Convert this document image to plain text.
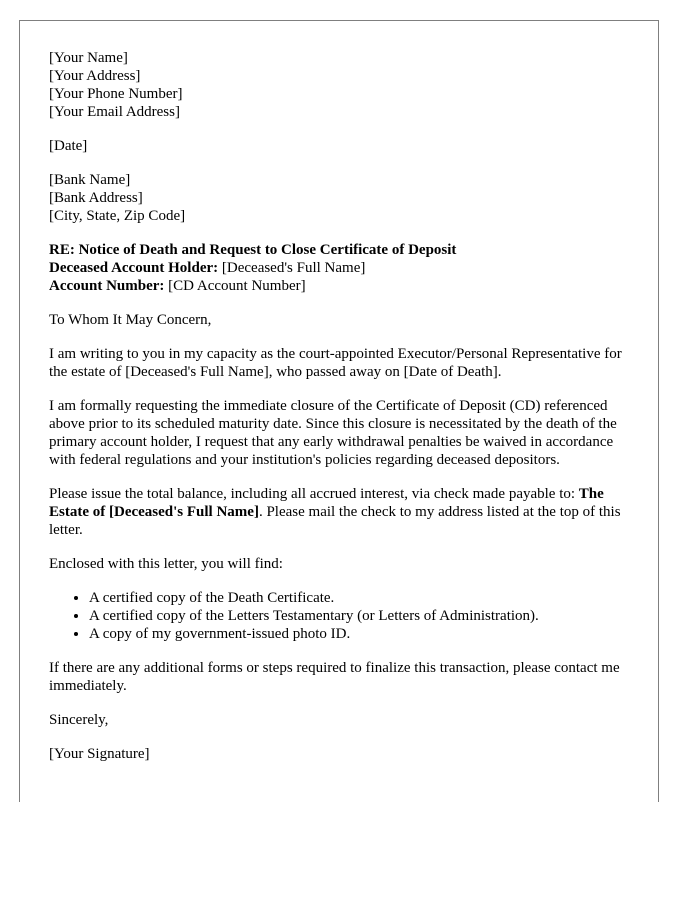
[Your Name]
[Your Address]
[Your Phone Number]
[Your Email Address]
[Date]
[Bank Name]
[Bank Address]
[City, State, Zip Code]
RE: Notice of Death and Request to Close Certificate of Deposit
Deceased Account Holder: [Deceased's Full Name]
Account Number: [CD Account Number]

To Whom It May Concern,

I am writing to you in my capacity as the court-appointed Executor/Personal Representative for the estate of [Deceased's Full Name], who passed away on [Date of Death].

I am formally requesting the immediate closure of the Certificate of Deposit (CD) referenced above prior to its scheduled maturity date. Since this closure is necessitated by the death of the primary account holder, I request that any early withdrawal penalties be waived in accordance with federal regulations and your institution's policies regarding deceased depositors.

Please issue the total balance, including all accrued interest, via check made payable to: The Estate of [Deceased's Full Name]. Please mail the check to my address listed at the top of this letter.

Enclosed with this letter, you will find:

• A certified copy of the Death Certificate.
• A certified copy of the Letters Testamentary (or Letters of Administration).
• A copy of my government-issued photo ID.

If there are any additional forms or steps required to finalize this transaction, please contact me immediately.

Sincerely,

[Your Signature]
